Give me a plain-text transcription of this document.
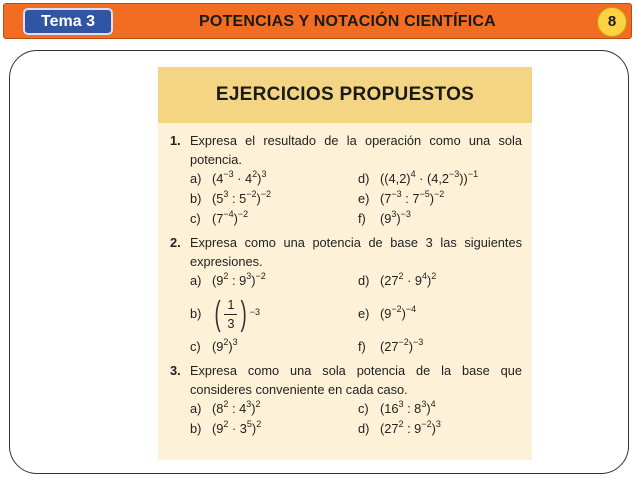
Tema 3	POTENCIAS Y NOTACIÓN CIENTÍFICA	8
EJERCICIOS PROPUESTOS
1. Expresa el resultado de la operación como una sola potencia.
a) $(4^{-3} \cdot 4^2)^3$	d) $((4,2)^4 \cdot (4,2^{-3}))^{-1}$
b) ($5^3$ : $5^{-2})^{-2}$	e) ($7^{-3}$ : $7^{-5})^{-2}$
c) $(7^{-4})^{-2}$	f)	$(9^3)^{-3}$
2. Expresa como una potencia de base 3 las siguientes expresiones.
a) ($9^2$ : $9^3)^{-2}$	d) $(27^2 \cdot 9^4)^2$
b) ( $\frac{1}{3}$ ) −3	e) $(9^{-2})^{-4}$
c) $(9^2)^3$	f)	$(27^{-2})^{-3}$
3. Expresa como una sola potencia de la base que consideres conveniente en cada caso.
a) ($8^2$ : $4^3)^2$	c) ($16^3$ : $8^3)^4$
b) $(9^2 \cdot 3^5)^2$	d) ($27^2$ : $9^{-2})^3$
